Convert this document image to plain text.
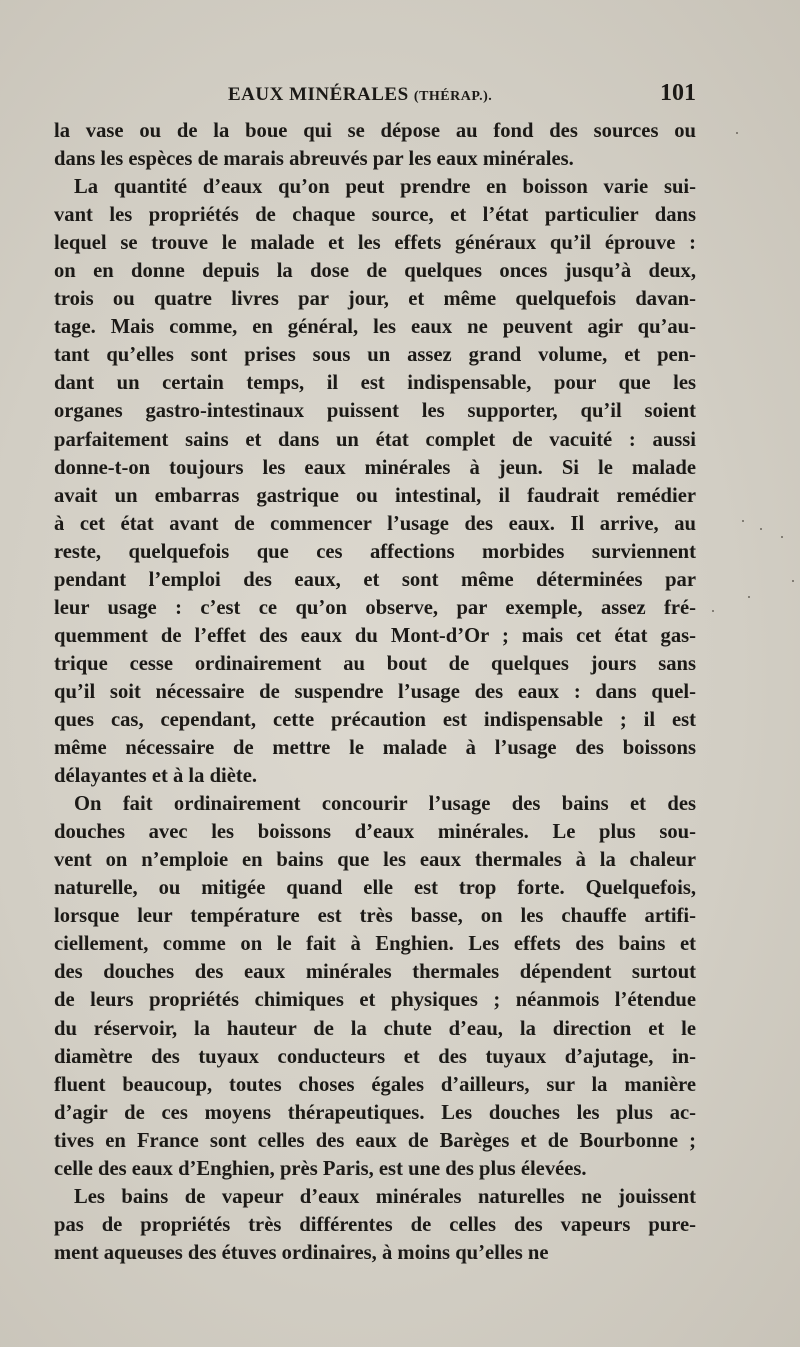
EAUX MINÉRALES (THÉRAP.).	101
la vase ou de la boue qui se dépose au fond des sources ou
dans les espèces de marais abreuvés par les eaux minérales.
La quantité d’eaux qu’on peut prendre en boisson varie sui-
vant les propriétés de chaque source, et l’état particulier dans
lequel se trouve le malade et les effets généraux qu’il éprouve :
on en donne depuis la dose de quelques onces jusqu’à deux,
trois ou quatre livres par jour, et même quelquefois davan-
tage. Mais comme, en général, les eaux ne peuvent agir qu’au-
tant qu’elles sont prises sous un assez grand volume, et pen-
dant un certain temps, il est indispensable, pour que les
organes gastro-intestinaux puissent les supporter, qu’il soient
parfaitement sains et dans un état complet de vacuité : aussi
donne-t-on toujours les eaux minérales à jeun. Si le malade
avait un embarras gastrique ou intestinal, il faudrait remédier
à cet état avant de commencer l’usage des eaux. Il arrive, au
reste, quelquefois que ces affections morbides surviennent
pendant l’emploi des eaux, et sont même déterminées par
leur usage : c’est ce qu’on observe, par exemple, assez fré-
quemment de l’effet des eaux du Mont-d’Or ; mais cet état gas-
trique cesse ordinairement au bout de quelques jours sans
qu’il soit nécessaire de suspendre l’usage des eaux : dans quel-
ques cas, cependant, cette précaution est indispensable ; il est
même nécessaire de mettre le malade à l’usage des boissons
délayantes et à la diète.
On fait ordinairement concourir l’usage des bains et des
douches avec les boissons d’eaux minérales. Le plus sou-
vent on n’emploie en bains que les eaux thermales à la chaleur
naturelle, ou mitigée quand elle est trop forte. Quelquefois,
lorsque leur température est très basse, on les chauffe artifi-
ciellement, comme on le fait à Enghien. Les effets des bains et
des douches des eaux minérales thermales dépendent surtout
de leurs propriétés chimiques et physiques ; néanmois l’étendue
du réservoir, la hauteur de la chute d’eau, la direction et le
diamètre des tuyaux conducteurs et des tuyaux d’ajutage, in-
fluent beaucoup, toutes choses égales d’ailleurs, sur la manière
d’agir de ces moyens thérapeutiques. Les douches les plus ac-
tives en France sont celles des eaux de Barèges et de Bourbonne ;
celle des eaux d’Enghien, près Paris, est une des plus élevées.
Les bains de vapeur d’eaux minérales naturelles ne jouissent
pas de propriétés très différentes de celles des vapeurs pure-
ment aqueuses des étuves ordinaires, à moins qu’elles ne
